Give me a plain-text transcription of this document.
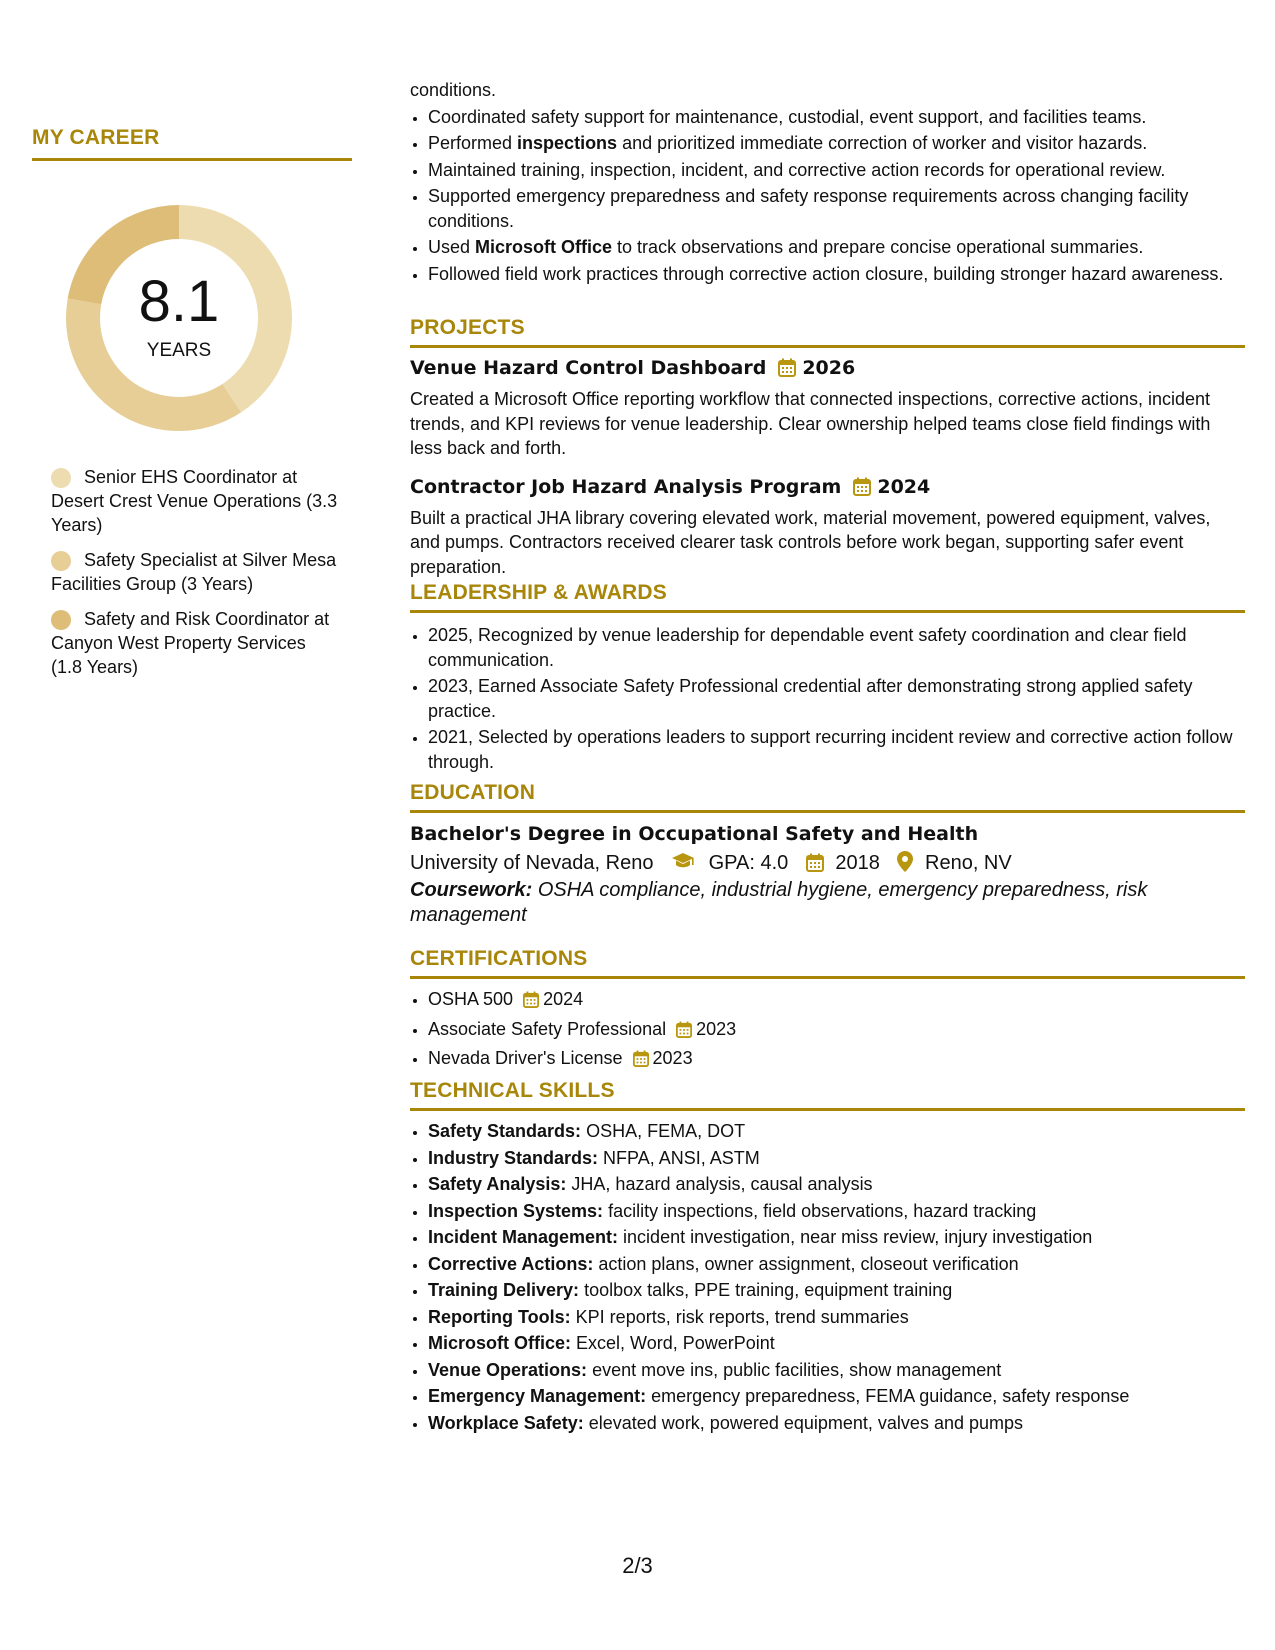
MY CAREER
8.1
YEARS
Senior EHS Coordinator at Desert Crest Venue Operations (3.3 Years)
Safety Specialist at Silver Mesa Facilities Group (3 Years)
Safety and Risk Coordinator at Canyon West Property Services (1.8 Years)
conditions.
• Coordinated safety support for maintenance, custodial, event support, and facilities teams.
• Performed inspections and prioritized immediate correction of worker and visitor hazards.
• Maintained training, inspection, incident, and corrective action records for operational review.
• Supported emergency preparedness and safety response requirements across changing facility conditions.
• Used Microsoft Office to track observations and prepare concise operational summaries.
• Followed field work practices through corrective action closure, building stronger hazard awareness.
PROJECTS
Venue Hazard Control Dashboard 2026
Created a Microsoft Office reporting workflow that connected inspections, corrective actions, incident trends, and KPI reviews for venue leadership. Clear ownership helped teams close field findings with less back and forth.
Contractor Job Hazard Analysis Program 2024
Built a practical JHA library covering elevated work, material movement, powered equipment, valves, and pumps. Contractors received clearer task controls before work began, supporting safer event preparation.
LEADERSHIP & AWARDS
• 2025, Recognized by venue leadership for dependable event safety coordination and clear field communication.
• 2023, Earned Associate Safety Professional credential after demonstrating strong applied safety practice.
• 2021, Selected by operations leaders to support recurring incident review and corrective action follow through.
EDUCATION
Bachelor's Degree in Occupational Safety and Health
University of Nevada, Reno	GPA: 4.0 2018 Reno, NV
Coursework: OSHA compliance, industrial hygiene, emergency preparedness, risk management
CERTIFICATIONS
• OSHA 500 2024
• Associate Safety Professional 2023
• Nevada Driver's License 2023
TECHNICAL SKILLS
• Safety Standards: OSHA, FEMA, DOT
• Industry Standards: NFPA, ANSI, ASTM
• Safety Analysis: JHA, hazard analysis, causal analysis
• Inspection Systems: facility inspections, field observations, hazard tracking
• Incident Management: incident investigation, near miss review, injury investigation
• Corrective Actions: action plans, owner assignment, closeout verification
• Training Delivery: toolbox talks, PPE training, equipment training
• Reporting Tools: KPI reports, risk reports, trend summaries
• Microsoft Office: Excel, Word, PowerPoint
• Venue Operations: event move ins, public facilities, show management
• Emergency Management: emergency preparedness, FEMA guidance, safety response
• Workplace Safety: elevated work, powered equipment, valves and pumps
2/3
